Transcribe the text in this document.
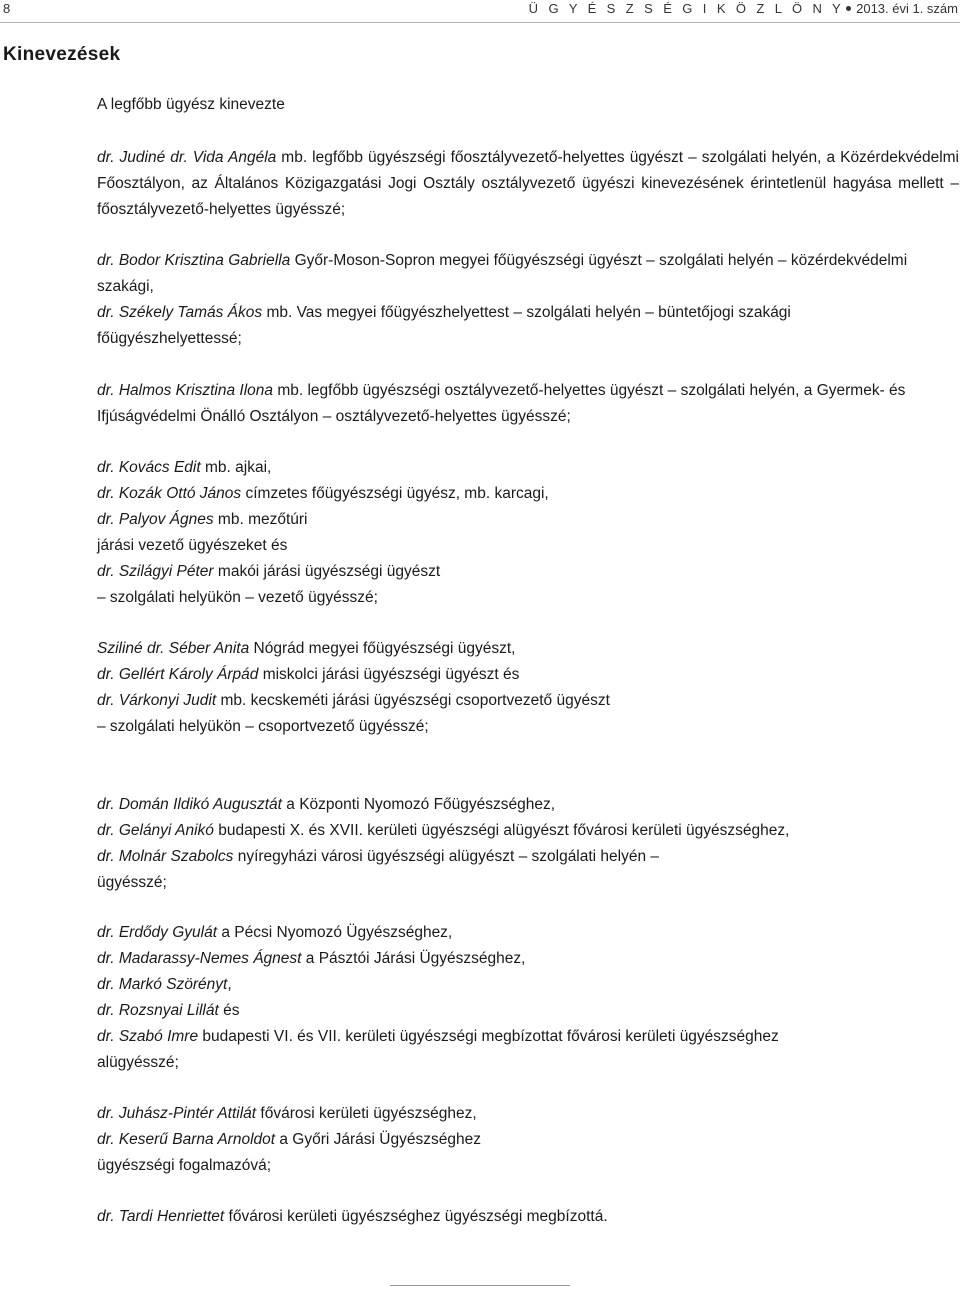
8	Ü G Y É S Z S É G I K Ö Z L Ö N Y 2013. évi 1. szám
Kinevezések

A legfőbb ügyész kinevezte

dr. Judiné dr. Vida Angéla mb. legfőbb ügyészségi főosztályvezető-helyettes ügyészt – szolgálati helyén, a Közérdekvédelmi Főosztályon, az Általános Közigazgatási Jogi Osztály osztályvezető ügyészi kinevezésének érintetlenül hagyása mellett – főosztályvezető-helyettes ügyésszé;

dr. Bodor Krisztina Gabriella Győr-Moson-Sopron megyei főügyészségi ügyészt – szolgálati helyén – közérdekvédelmi

szakági,

dr. Székely Tamás Ákos mb. Vas megyei főügyészhelyettest – szolgálati helyén – büntetőjogi szakági

főügyészhelyettessé;

dr. Halmos Krisztina Ilona mb. legfőbb ügyészségi osztályvezető-helyettes ügyészt – szolgálati helyén, a Gyermek- és

Ifjúságvédelmi Önálló Osztályon – osztályvezető-helyettes ügyésszé;

dr. Kovács Edit mb. ajkai,

dr. Kozák Ottó János címzetes főügyészségi ügyész, mb. karcagi,

dr. Palyov Ágnes mb. mezőtúri

járási vezető ügyészeket és

dr. Szilágyi Péter makói járási ügyészségi ügyészt

– szolgálati helyükön – vezető ügyésszé;

Sziliné dr. Séber Anita Nógrád megyei főügyészségi ügyészt,

dr. Gellért Károly Árpád miskolci járási ügyészségi ügyészt és

dr. Várkonyi Judit mb. kecskeméti járási ügyészségi csoportvezető ügyészt

– szolgálati helyükön – csoportvezető ügyésszé;

dr. Domán Ildikó Augusztát a Központi Nyomozó Főügyészséghez,

dr. Gelányi Anikó budapesti X. és XVII. kerületi ügyészségi alügyészt fővárosi kerületi ügyészséghez,

dr. Molnár Szabolcs nyíregyházi városi ügyészségi alügyészt – szolgálati helyén –

ügyésszé;

dr. Erdődy Gyulát a Pécsi Nyomozó Ügyészséghez,

dr. Madarassy-Nemes Ágnest a Pásztói Járási Ügyészséghez,

dr. Markó Szörényt,

dr. Rozsnyai Lillát és

dr. Szabó Imre budapesti VI. és VII. kerületi ügyészségi megbízottat fővárosi kerületi ügyészséghez

alügyésszé;

dr. Juhász-Pintér Attilát fővárosi kerületi ügyészséghez,

dr. Keserű Barna Arnoldot a Győri Járási Ügyészséghez

ügyészségi fogalmazóvá;

dr. Tardi Henriettet fővárosi kerületi ügyészséghez ügyészségi megbízottá.
